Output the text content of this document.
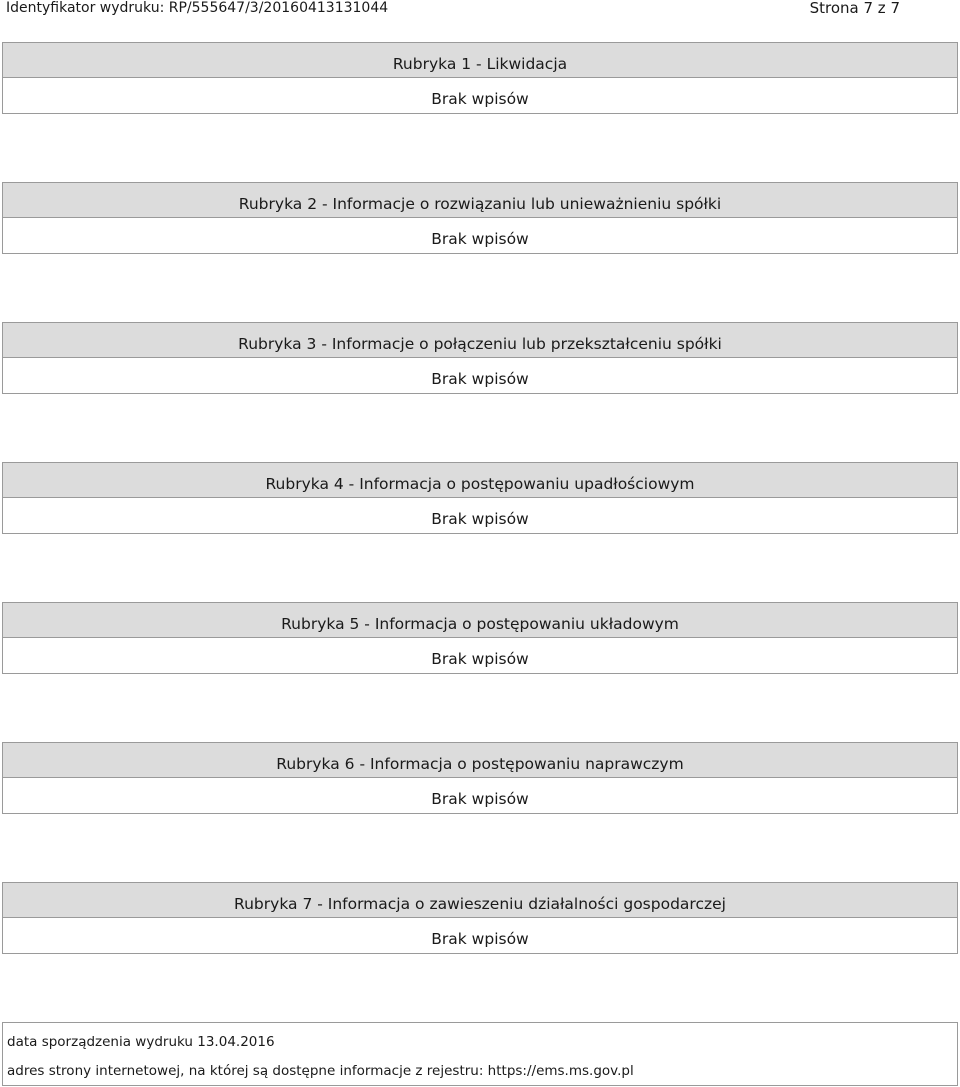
Identyfikator wydruku: RP/555647/3/20160413131044	Strona 7 z 7
Rubryka 1 - Likwidacja
Brak wpisów
Rubryka 2 - Informacje o rozwiązaniu lub unieważnieniu spółki
Brak wpisów
Rubryka 3 - Informacje o połączeniu lub przekształceniu spółki
Brak wpisów
Rubryka 4 - Informacja o postępowaniu upadłościowym
Brak wpisów
Rubryka 5 - Informacja o postępowaniu układowym
Brak wpisów
Rubryka 6 - Informacja o postępowaniu naprawczym
Brak wpisów
Rubryka 7 - Informacja o zawieszeniu działalności gospodarczej
Brak wpisów
data sporządzenia wydruku 13.04.2016
adres strony internetowej, na której są dostępne informacje z rejestru: https://ems.ms.gov.pl
